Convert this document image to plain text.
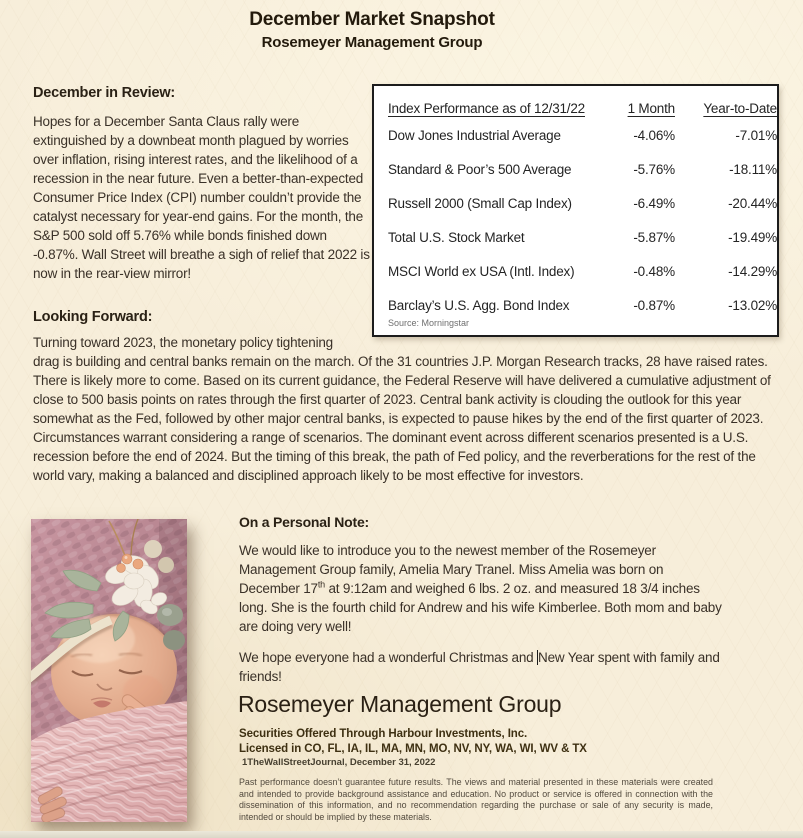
December Market Snapshot
Rosemeyer Management Group
December in Review:
Hopes for a December Santa Claus rally were extinguished by a downbeat month plagued by worries over inflation, rising interest rates, and the likelihood of a recession in the near future. Even a better-than-expected Consumer Price Index (CPI) number couldn’t provide the catalyst necessary for year-end gains. For the month, the S&P 500 sold off 5.76% while bonds finished down -0.87%. Wall Street will breathe a sigh of relief that 2022 is now in the rear-view mirror!
Index Performance as of 12/31/22	1 Month	Year-to-Date
Dow Jones Industrial Average	-4.06%	-7.01%
Standard & Poor’s 500 Average	-5.76%	-18.11%
Russell 2000 (Small Cap Index)	-6.49%	-20.44%
Total U.S. Stock Market	-5.87%	-19.49%
MSCI World ex USA (Intl. Index)	-0.48%	-14.29%
Barclay’s U.S. Agg. Bond Index	-0.87%	-13.02%
Source: Morningstar
Looking Forward:
Turning toward 2023, the monetary policy tightening
drag is building and central banks remain on the march. Of the 31 countries J.P. Morgan Research tracks, 28 have raised rates. There is likely more to come. Based on its current guidance, the Federal Reserve will have delivered a cumulative adjustment of close to 500 basis points on rates through the first quarter of 2023. Central bank activity is clouding the outlook for this year somewhat as the Fed, followed by other major central banks, is expected to pause hikes by the end of the first quarter of 2023. Circumstances warrant considering a range of scenarios. The dominant event across different scenarios presented is a U.S. recession before the end of 2024. But the timing of this break, the path of Fed policy, and the reverberations for the rest of the world vary, making a balanced and disciplined approach likely to be most effective for investors.
On a Personal Note:
We would like to introduce you to the newest member of the Rosemeyer Management Group family, Amelia Mary Tranel. Miss Amelia was born on December 17th at 9:12am and weighed 6 lbs. 2 oz. and measured 18 3/4 inches long. She is the fourth child for Andrew and his wife Kimberlee. Both mom and baby are doing very well!
We hope everyone had a wonderful Christmas and New Year spent with family and friends!
Rosemeyer Management Group
Securities Offered Through Harbour Investments, Inc.
Licensed in CO, FL, IA, IL, MA, MN, MO, NV, NY, WA, WI, WV & TX
1TheWallStreetJournal, December 31, 2022
Past performance doesn’t guarantee future results. The views and material presented in these materials were created and intended to provide background assistance and education. No product or service is offered in connection with the dissemination of this information, and no recommendation regarding the purchase or sale of any security is made, intended or should be implied by these materials.
